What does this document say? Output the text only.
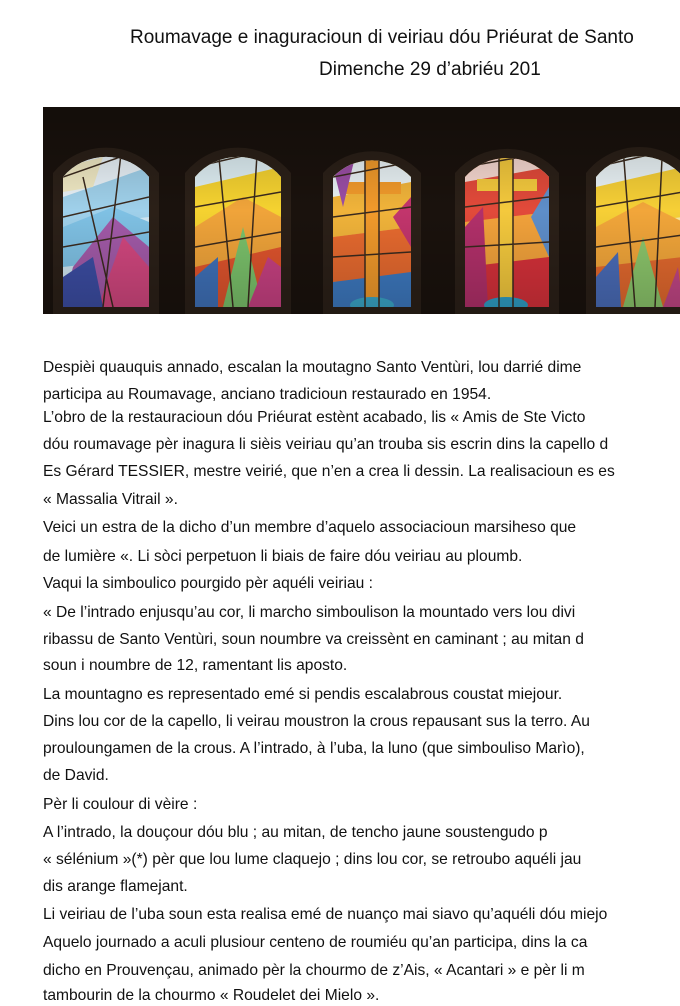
Roumavage e inaguracioun di veiriau dóu Priéurat de Santo
Dimenche 29 d’abriéu 201
Despièi quauquis annado, escalan la moutagno Santo Ventùri, lou darrié dime
participa au Roumavage, anciano tradicioun restaurado en 1954.
L’obro de la restauracioun dóu Priéurat estènt acabado, lis « Amis de Ste Victo
dóu roumavage pèr inagura li sièis veiriau qu’an trouba sis escrin dins la capello d
Es Gérard TESSIER, mestre veirié, que n’en a crea li dessin. La realisacioun es es
« Massalia Vitrail ».
Veici un estra de la dicho d’un membre d’aquelo associacioun marsiheso que
de lumière «. Li sòci perpetuon li biais de faire dóu veiriau au ploumb.
Vaqui la simboulico pourgido pèr aquéli veiriau :
« De l’intrado enjusqu’au cor, li marcho simboulison la mountado vers lou divi
ribassu de Santo Ventùri, soun noumbre va creissènt en caminant ; au mitan d
soun i noumbre de 12, ramentant lis aposto.
La mountagno es representado emé si pendis escalabrous coustat miejour.
Dins lou cor de la capello, li veirau moustron la crous repausant sus la terro. Au
prouloungamen de la crous. A l’intrado, à l’uba, la luno (que simbouliso Marìo),
de David.
Pèr li coulour di vèire :
A l’intrado, la douçour dóu blu ; au mitan, de tencho jaune soustengudo p
« sélénium »(*) pèr que lou lume claquejo ; dins lou cor, se retroubo aquéli jau
dis arange flamejant.
Li veiriau de l’uba soun esta realisa emé de nuanço mai siavo qu’aquéli dóu miejo
Aquelo journado a aculi plusiour centeno de roumiéu qu’an participa, dins la ca
dicho en Prouvençau, animado pèr la chourmo de z’Ais, « Acantari » e pèr li m
tambourin de la chourmo « Roudelet dei Mielo ».
